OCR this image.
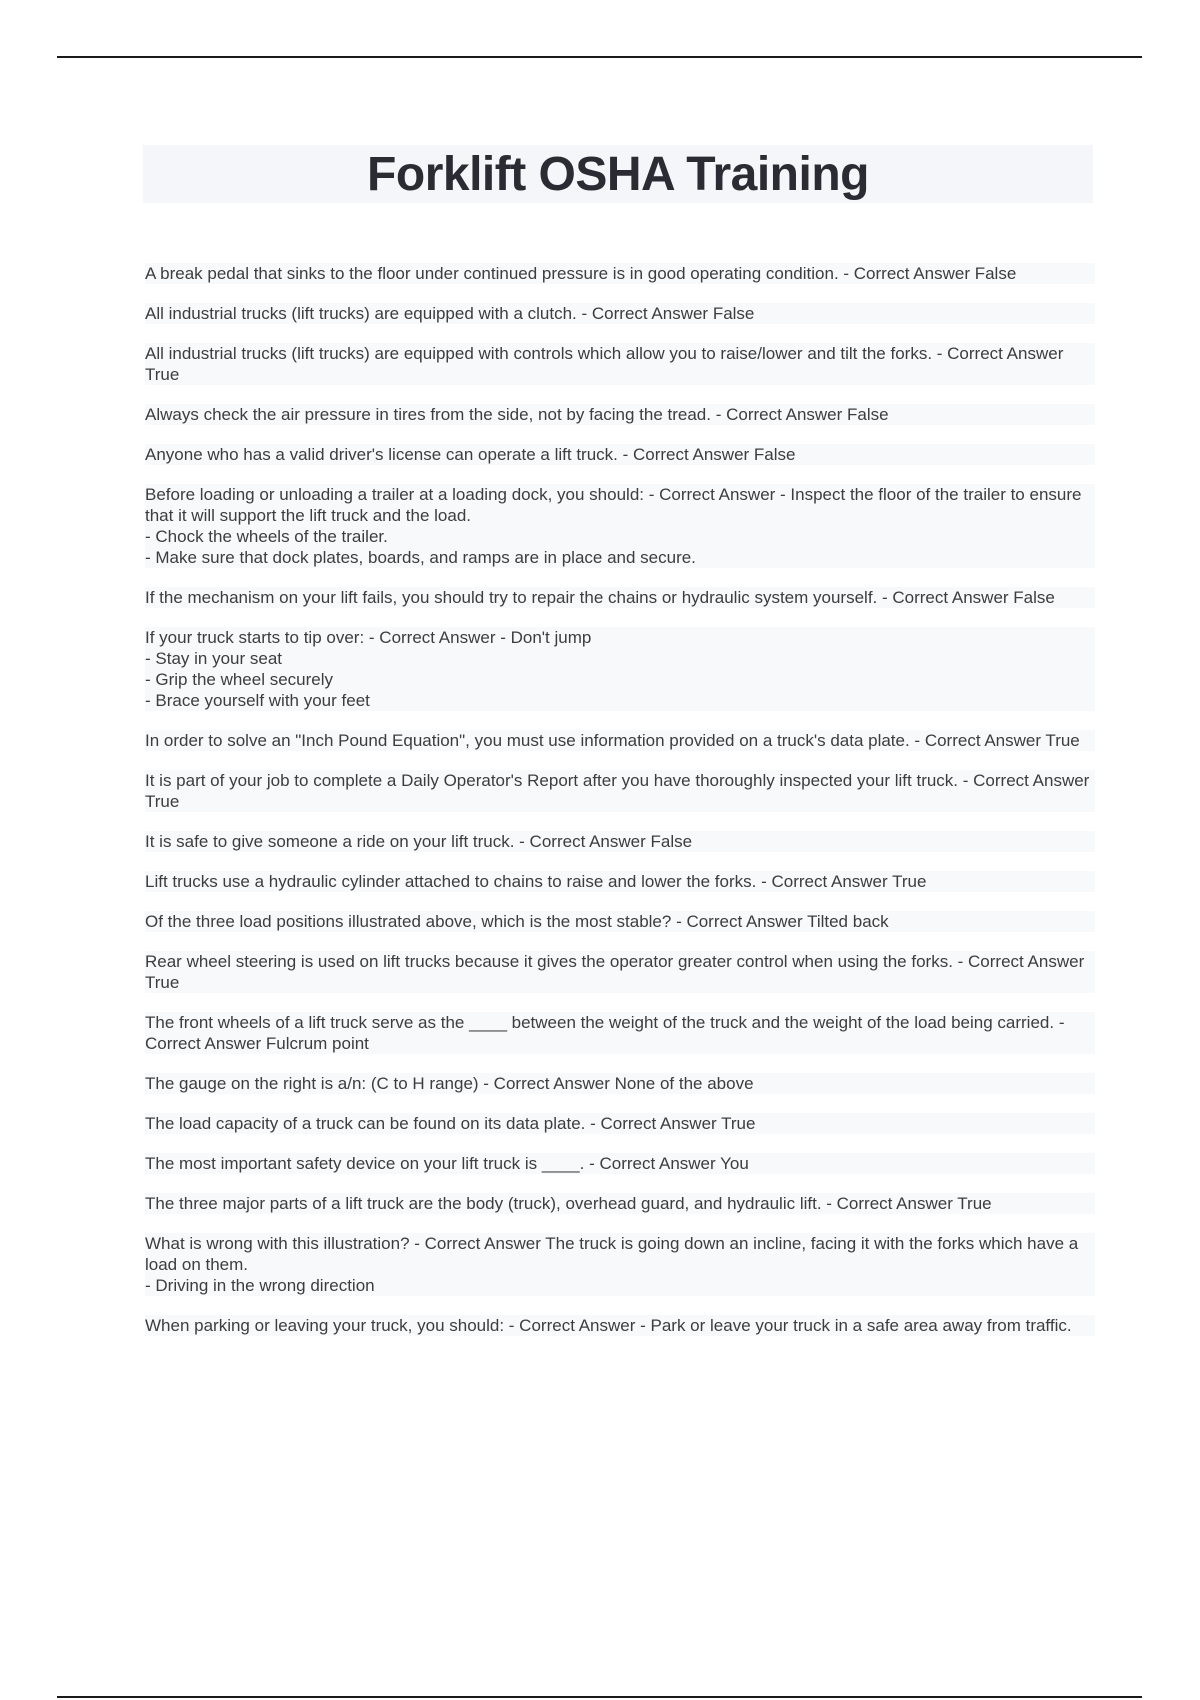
Forklift OSHA Training

A break pedal that sinks to the floor under continued pressure is in good operating condition. - Correct Answer False

All industrial trucks (lift trucks) are equipped with a clutch. - Correct Answer False

All industrial trucks (lift trucks) are equipped with controls which allow you to raise/lower and tilt the forks. - Correct Answer True

Always check the air pressure in tires from the side, not by facing the tread. - Correct Answer False

Anyone who has a valid driver's license can operate a lift truck. - Correct Answer False

Before loading or unloading a trailer at a loading dock, you should: - Correct Answer - Inspect the floor of the trailer to ensure that it will support the lift truck and the load.
- Chock the wheels of the trailer.
- Make sure that dock plates, boards, and ramps are in place and secure.

If the mechanism on your lift fails, you should try to repair the chains or hydraulic system yourself. - Correct Answer False

If your truck starts to tip over: - Correct Answer - Don't jump
- Stay in your seat
- Grip the wheel securely
- Brace yourself with your feet

In order to solve an "Inch Pound Equation", you must use information provided on a truck's data plate. - Correct Answer True

It is part of your job to complete a Daily Operator's Report after you have thoroughly inspected your lift truck. - Correct Answer True

It is safe to give someone a ride on your lift truck. - Correct Answer False

Lift trucks use a hydraulic cylinder attached to chains to raise and lower the forks. - Correct Answer True

Of the three load positions illustrated above, which is the most stable? - Correct Answer Tilted back

Rear wheel steering is used on lift trucks because it gives the operator greater control when using the forks. - Correct Answer True

The front wheels of a lift truck serve as the ____ between the weight of the truck and the weight of the load being carried. - Correct Answer Fulcrum point

The gauge on the right is a/n: (C to H range) - Correct Answer None of the above

The load capacity of a truck can be found on its data plate. - Correct Answer True

The most important safety device on your lift truck is ____. - Correct Answer You

The three major parts of a lift truck are the body (truck), overhead guard, and hydraulic lift. - Correct Answer True

What is wrong with this illustration? - Correct Answer The truck is going down an incline, facing it with the forks which have a load on them.
- Driving in the wrong direction

When parking or leaving your truck, you should: - Correct Answer - Park or leave your truck in a safe area away from traffic.
